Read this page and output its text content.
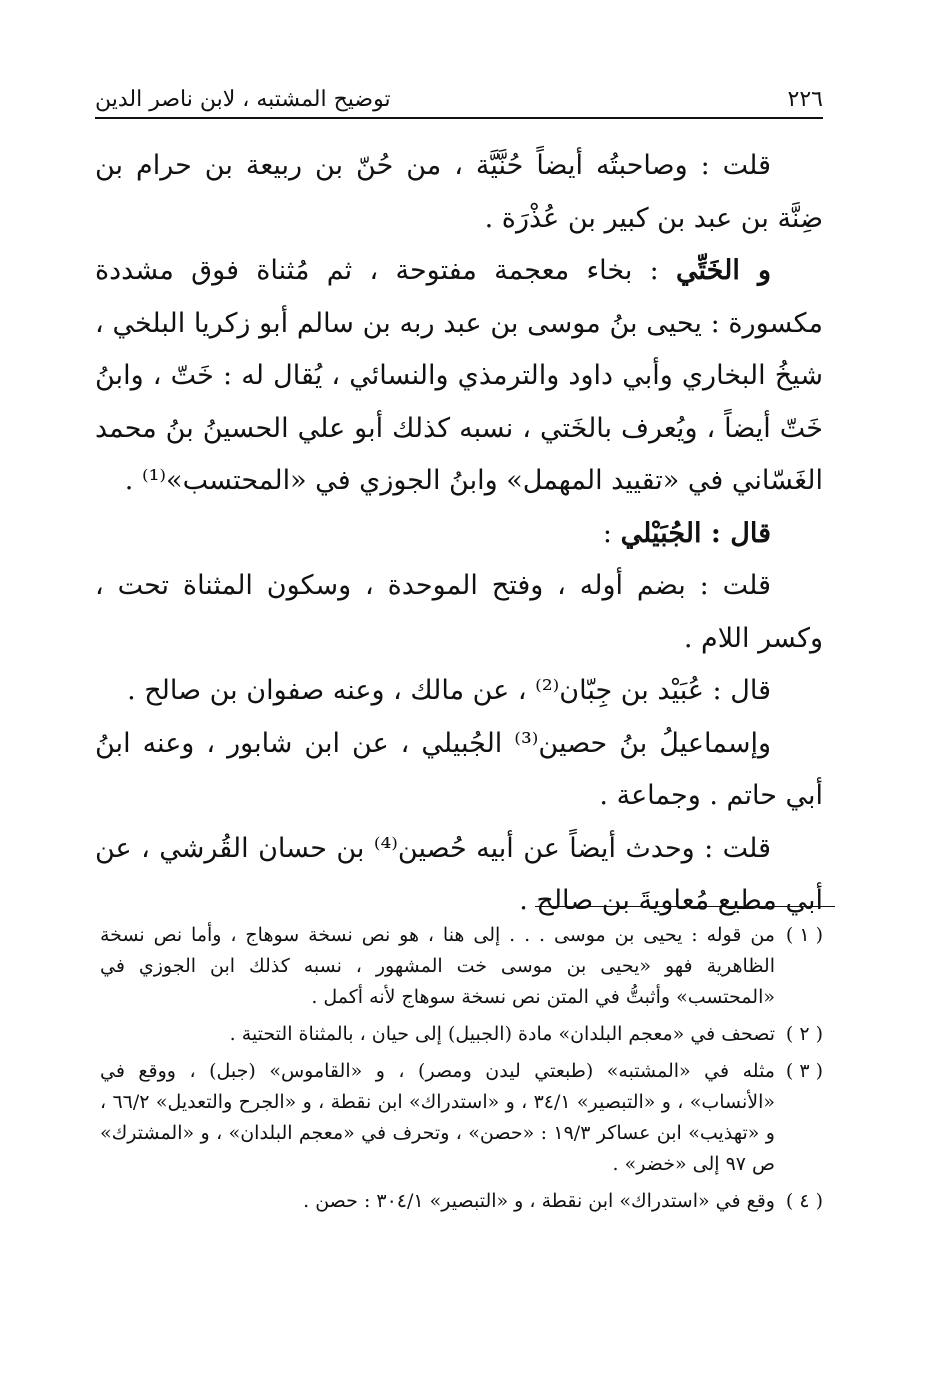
٢٢٦
توضيح المشتبه ، لابن ناصر الدين

قلت : وصاحبتُه أيضاً حُنَّيَّة ، من حُنّ بن ربيعة بن حرام بن ضِنَّة بن عبد بن كبير بن عُذْرَة .

و الخَتِّي : بخاء معجمة مفتوحة ، ثم مُثناة فوق مشددة مكسورة : يحيى بنُ موسى بن عبد ربه بن سالم أبو زكريا البلخي ، شيخُ البخاري وأبي داود والترمذي والنسائي ، يُقال له : خَتّ ، وابنُ خَتّ أيضاً ، ويُعرف بالخَتي ، نسبه كذلك أبو علي الحسينُ بنُ محمد الغَسّاني في «تقييد المهمل» وابنُ الجوزي في «المحتسب»⁽¹⁾ .

قال : الجُبَيْلي :

قلت : بضم أوله ، وفتح الموحدة ، وسكون المثناة تحت ، وكسر اللام .

قال : عُبَيْد بن جِبّان⁽²⁾ ، عن مالك ، وعنه صفوان بن صالح .

وإسماعيلُ بنُ حصين⁽³⁾ الجُبيلي ، عن ابن شابور ، وعنه ابنُ أبي حاتم . وجماعة .

قلت : وحدث أيضاً عن أبيه حُصين⁽⁴⁾ بن حسان القُرشي ، عن أبي مطيع مُعاويةَ بن صالح .

( ١ )من قوله : يحيى بن موسى . . . إلى هنا ، هو نص نسخة سوهاج ، وأما نص نسخة الظاهرية فهو «يحيى بن موسى خت المشهور ، نسبه كذلك ابن الجوزي في «المحتسب» وأثبتُّ في المتن نص نسخة سوهاج لأنه أكمل .

( ٢ )تصحف في «معجم البلدان» مادة (الجبيل) إلى حيان ، بالمثناة التحتية .

( ٣ )مثله في «المشتبه» (طبعتي ليدن ومصر) ، و «القاموس» (جبل) ، ووقع في «الأنساب» ، و «التبصير» ٣٤/١ ، و «استدراك» ابن نقطة ، و «الجرح والتعديل» ٦٦/٢ ، و «تهذيب» ابن عساكر ١٩/٣ : «حصن» ، وتحرف في «معجم البلدان» ، و «المشترك» ص ٩٧ إلى «خضر» .

( ٤ )وقع في «استدراك» ابن نقطة ، و «التبصير» ٣٠٤/١ : حصن .
